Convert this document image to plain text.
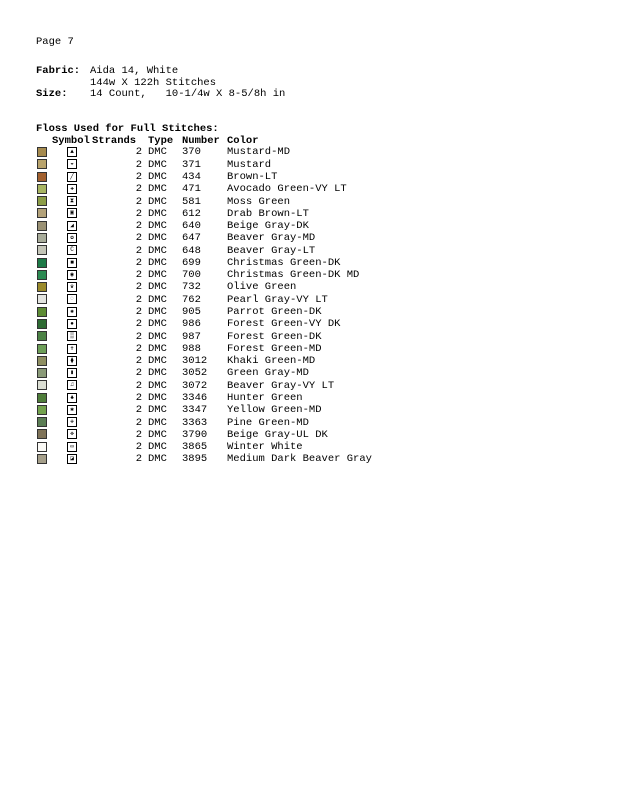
Page 7
Fabric: Aida 14, White
144w X 122h Stitches
Size:	14 Count,   10-1/4w X 8-5/8h in
Floss Used for Full Stitches:
	Symbol	Strands	Type	Number	Color
	▲	2	DMC	370	Mustard-MD
	◒	2	DMC	371	Mustard
	╱	2	DMC	434	Brown-LT
	✚	2	DMC	471	Avocado Green-VY LT
	⧗	2	DMC	581	Moss Green
	▣	2	DMC	612	Drab Brown-LT
	◢	2	DMC	640	Beige Gray-DK
	✿	2	DMC	647	Beaver Gray-MD
	C	2	DMC	648	Beaver Gray-LT
	■	2	DMC	699	Christmas Green-DK
	◉	2	DMC	700	Christmas Green-DK MD
	♛	2	DMC	732	Olive Green
	◌	2	DMC	762	Pearl Gray-VY LT
	✺	2	DMC	905	Parrot Green-DK
	●	2	DMC	986	Forest Green-VY DK
	▒	2	DMC	987	Forest Green-DK
	✝	2	DMC	988	Forest Green-MD
	⧫	2	DMC	3012	Khaki Green-MD
	▮	2	DMC	3052	Green Gray-MD
	♫	2	DMC	3072	Beaver Gray-VY LT
	♣	2	DMC	3346	Hunter Green
	✱	2	DMC	3347	Yellow Green-MD
	✙	2	DMC	3363	Pine Green-MD
	✥	2	DMC	3790	Beige Gray-UL DK
	∞	2	DMC	3865	Winter White
	◪	2	DMC	3895	Medium Dark Beaver Gray
